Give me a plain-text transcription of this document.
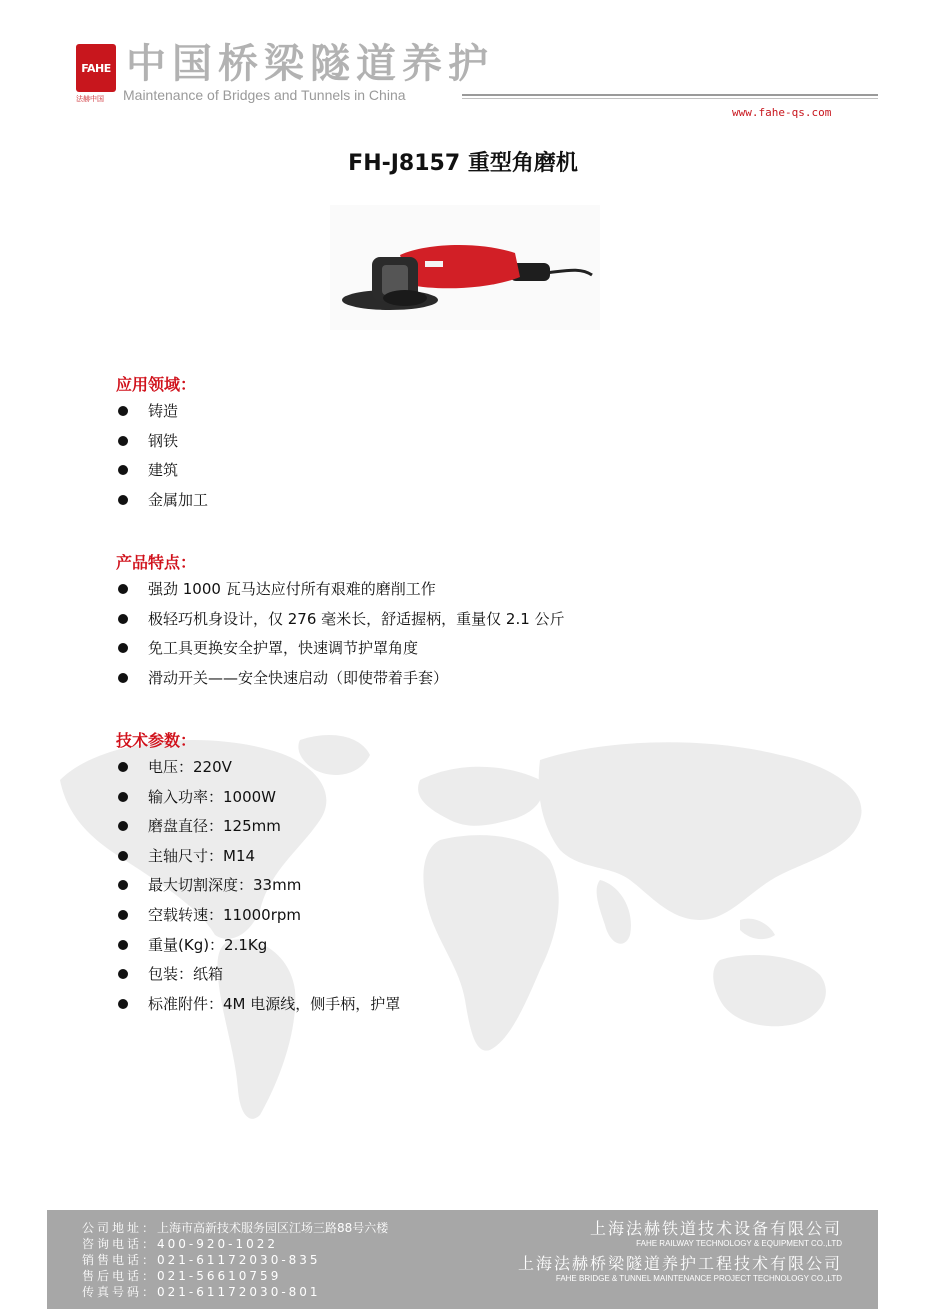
FAHE
法赫中国
中国桥梁隧道养护
Maintenance of Bridges and Tunnels in China
www.fahe-qs.com
FH-J8157 重型角磨机
应用领域：
铸造
钢铁
建筑
金属加工
产品特点：
强劲 1000 瓦马达应付所有艰难的磨削工作
极轻巧机身设计，仅 276 毫米长，舒适握柄，重量仅 2.1 公斤
免工具更换安全护罩，快速调节护罩角度
滑动开关——安全快速启动（即使带着手套）
技术参数：
电压：220V
输入功率：1000W
磨盘直径：125mm
主轴尺寸：M14
最大切割深度：33mm
空载转速：11000rpm
重量(Kg)：2.1Kg
包装：纸箱
标准附件：4M 电源线，侧手柄，护罩
公司地址：上海市高新技术服务园区江场三路88号六楼
咨询电话：400-920-1022
销售电话：021-61172030-835
售后电话：021-56610759
传真号码：021-61172030-801
上海法赫铁道技术设备有限公司
FAHE RAILWAY TECHNOLOGY & EQUIPMENT CO.,LTD
上海法赫桥梁隧道养护工程技术有限公司
FAHE BRIDGE & TUNNEL MAINTENANCE PROJECT TECHNOLOGY CO.,LTD
